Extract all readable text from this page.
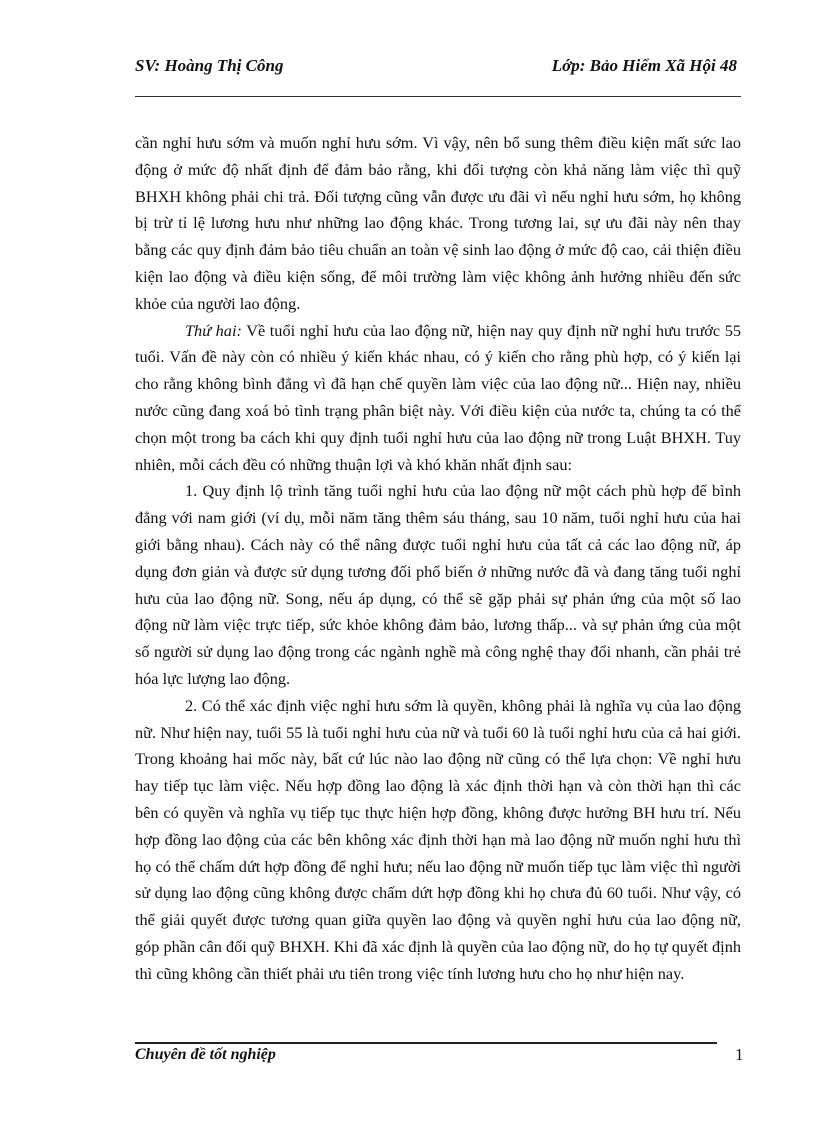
SV: Hoàng Thị Công	Lớp: Bảo Hiểm Xã Hội 48

cần nghỉ hưu sớm và muốn nghỉ hưu sớm. Vì vậy, nên bổ sung thêm điều kiện mất sức lao động ở mức độ nhất định để đảm bảo rằng, khi đối tượng còn khả năng làm việc thì quỹ BHXH không phải chi trả. Đối tượng cũng vẫn được ưu đãi vì nếu nghỉ hưu sớm, họ không bị trừ tỉ lệ lương hưu như những lao động khác. Trong tương lai, sự ưu đãi này nên thay bằng các quy định đảm bảo tiêu chuẩn an toàn vệ sinh lao động ở mức độ cao, cải thiện điều kiện lao động và điều kiện sống, để môi trường làm việc không ảnh hưởng nhiều đến sức khỏe của người lao động.

Thứ hai: Về tuổi nghỉ hưu của lao động nữ, hiện nay quy định nữ nghỉ hưu trước 55 tuổi. Vấn đề này còn có nhiều ý kiến khác nhau, có ý kiến cho rằng phù hợp, có ý kiến lại cho rằng không bình đẳng vì đã hạn chế quyền làm việc của lao động nữ... Hiện nay, nhiều nước cũng đang xoá bỏ tình trạng phân biệt này. Với điều kiện của nước ta, chúng ta có thể chọn một trong ba cách khi quy định tuổi nghỉ hưu của lao động nữ trong Luật BHXH. Tuy nhiên, mỗi cách đều có những thuận lợi và khó khăn nhất định sau:

1. Quy định lộ trình tăng tuổi nghỉ hưu của lao động nữ một cách phù hợp để bình đẳng với nam giới (ví dụ, mỗi năm tăng thêm sáu tháng, sau 10 năm, tuổi nghỉ hưu của hai giới bằng nhau). Cách này có thể nâng được tuổi nghỉ hưu của tất cả các lao động nữ, áp dụng đơn giản và được sử dụng tương đối phổ biến ở những nước đã và đang tăng tuổi nghỉ hưu của lao động nữ. Song, nếu áp dụng, có thể sẽ gặp phải sự phản ứng của một số lao động nữ làm việc trực tiếp, sức khỏe không đảm bảo, lương thấp... và sự phản ứng của một số người sử dụng lao động trong các ngành nghề mà công nghệ thay đổi nhanh, cần phải trẻ hóa lực lượng lao động.

2. Có thể xác định việc nghỉ hưu sớm là quyền, không phải là nghĩa vụ của lao động nữ. Như hiện nay, tuổi 55 là tuổi nghỉ hưu của nữ và tuổi 60 là tuổi nghỉ hưu của cả hai giới. Trong khoảng hai mốc này, bất cứ lúc nào lao động nữ cũng có thể lựa chọn: Về nghỉ hưu hay tiếp tục làm việc. Nếu hợp đồng lao động là xác định thời hạn và còn thời hạn thì các bên có quyền và nghĩa vụ tiếp tục thực hiện hợp đồng, không được hưởng BH hưu trí. Nếu hợp đồng lao động của các bên không xác định thời hạn mà lao động nữ muốn nghỉ hưu thì họ có thể chấm dứt hợp đồng để nghỉ hưu; nếu lao động nữ muốn tiếp tục làm việc thì người sử dụng lao động cũng không được chấm dứt hợp đồng khi họ chưa đủ 60 tuổi. Như vậy, có thể giải quyết được tương quan giữa quyền lao động và quyền nghỉ hưu của lao động nữ, góp phần cân đối quỹ BHXH. Khi đã xác định là quyền của lao động nữ, do họ tự quyết định thì cũng không cần thiết phải ưu tiên trong việc tính lương hưu cho họ như hiện nay.

Chuyên đề tốt nghiệp	1
